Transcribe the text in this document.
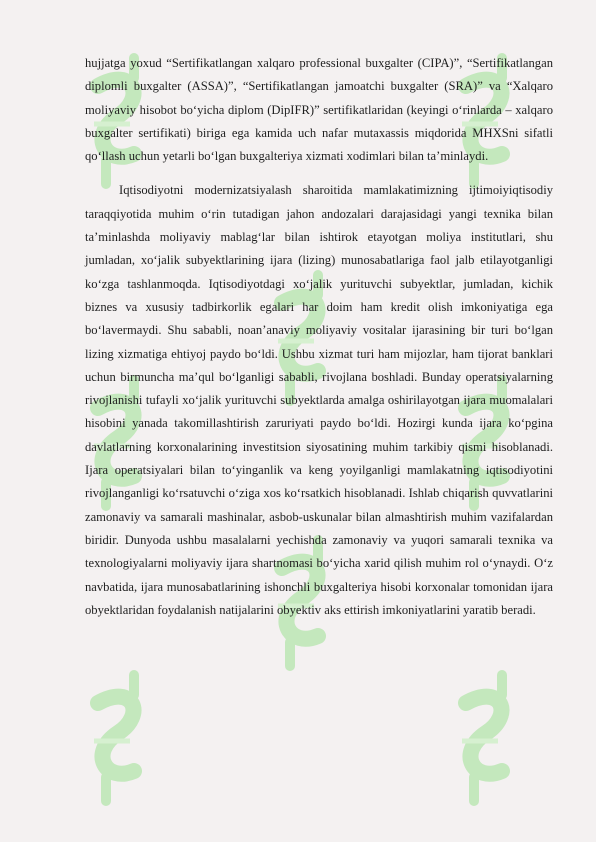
hujjatga yoxud “Sertifikatlangan xalqaro professional buxgalter (CIPA)”, “Sertifikatlangan diplomli buxgalter (ASSA)”, “Sertifikatlangan jamoatchi buxgalter (SRA)” va “Xalqaro moliyaviy hisobot bo‘yicha diplom (DipIFR)” sertifikatlaridan (keyingi o‘rinlarda – xalqaro buxgalter sertifikati) biriga ega kamida uch nafar mutaxassis miqdorida MHXSni sifatli qo‘llash uchun yetarli bo‘lgan buxgalteriya xizmati xodimlari bilan ta’minlaydi.

Iqtisodiyotni modernizatsiyalash sharoitida mamlakatimizning ijtimoiyiqtisodiy taraqqiyotida muhim o‘rin tutadigan jahon andozalari darajasidagi yangi texnika bilan ta’minlashda moliyaviy mablag‘lar bilan ishtirok etayotgan moliya institutlari, shu jumladan, xo‘jalik subyektlarining ijara (lizing) munosabatlariga faol jalb etilayotganligi ko‘zga tashlanmoqda. Iqtisodiyotdagi xo‘jalik yurituvchi subyektlar, jumladan, kichik biznes va xususiy tadbirkorlik egalari har doim ham kredit olish imkoniyatiga ega bo‘lavermaydi. Shu sababli, noan’anaviy moliyaviy vositalar ijarasining bir turi bo‘lgan lizing xizmatiga ehtiyoj paydo bo‘ldi. Ushbu xizmat turi ham mijozlar, ham tijorat banklari uchun birmuncha ma’qul bo‘lganligi sababli, rivojlana boshladi. Bunday operatsiyalarning rivojlanishi tufayli xo‘jalik yurituvchi subyektlarda amalga oshirilayotgan ijara muomalalari hisobini yanada takomillashtirish zaruriyati paydo bo‘ldi. Hozirgi kunda ijara ko‘pgina davlatlarning korxonalarining investitsion siyosatining muhim tarkibiy qismi hisoblanadi. Ijara operatsiyalari bilan to‘yinganlik va keng yoyilganligi mamlakatning iqtisodiyotini rivojlanganligi ko‘rsatuvchi o‘ziga xos ko‘rsatkich hisoblanadi. Ishlab chiqarish quvvatlarini zamonaviy va samarali mashinalar, asbob-uskunalar bilan almashtirish muhim vazifalardan biridir. Dunyoda ushbu masalalarni yechishda zamonaviy va yuqori samarali texnika va texnologiyalarni moliyaviy ijara shartnomasi bo‘yicha xarid qilish muhim rol o‘ynaydi. O‘z navbatida, ijara munosabatlarining ishonchli buxgalteriya hisobi korxonalar tomonidan ijara obyektlaridan foydalanish natijalarini obyektiv aks ettirish imkoniyatlarini yaratib beradi.
